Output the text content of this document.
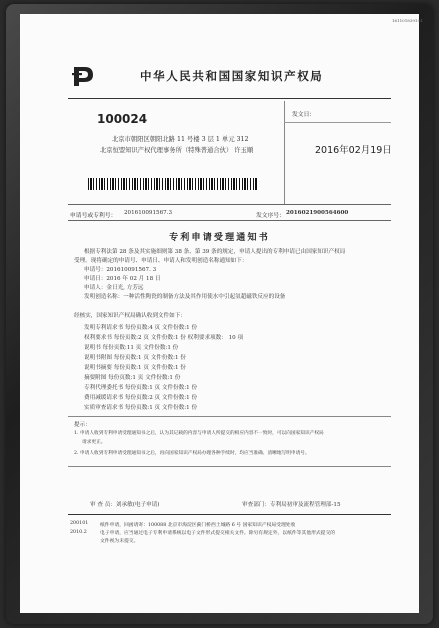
161101839194
中华人民共和国国家知识产权局
100024
北京市朝阳区朝阳北路 11 号楼 3 层 1 单元 312
北京恒盟知识产权代理事务所（特殊普通合伙） 许玉順
发文日：
2016年02月19日
申请号或专利号： 201610091567.3	发文序号： 2016021900564600
专利申请受理通知书
根据专利法第 28 条及其实施细则第 38 条、第 39 条的规定，申请人提出的专利申请已由国家知识产权局
受理。现将确定的申请号、申请日、申请人和发明创造名称通知如下：
申请号：201610091567. 3
申请日：2016 年 02 月 18 日
申请人：金日光, 方芳远
发明创造名称：一种活性陶瓷的制备方法及其作用使水中引起氢超磁铁反应的设备
经核实，国家知识产权局确认收到文件如下：
发明专利请求书 每份页数:4 页 文件份数:1 份
权利要求书 每份页数:2 页 文件份数:1 份 权利要求项数： 10 项
说明书 每份页数:11 页 文件份数:1 份
说明书附图 每份页数:1 页 文件份数:1 份
说明书摘要 每份页数:1 页 文件份数:1 份
摘要附图 每份页数:1 页 文件份数:1 份
专利代理委托书 每份页数:1 页 文件份数:1 份
费用减缓请求书 每份页数:2 页 文件份数:1 份
实质审查请求书 每份页数:1 页 文件份数:1 份
提示：
1. 申请人收到专利申请受理通知书之后，认为其记载的内容与申请人所提交的相应内容不一致时，可以向国家知识产权局
请求更正。
2. 申请人收到专利申请受理通知书之后，再向国家知识产权局办理各种手续时，均应当准确、清晰地写明申请号。
审 查 员：刘承敏(电子申请)	审查部门：专利局初审及流程管理部-15
200101
2010.2
纸件申请，回函请寄：100088 北京市海淀区蓟门桥西土城路 6 号 国家知识产权局受理处收
电子申请，应当通过电子专利申请系统以电子文件形式提交相关文件。除另有规定外，以纸件等其他形式提交的
文件视为未提交。
